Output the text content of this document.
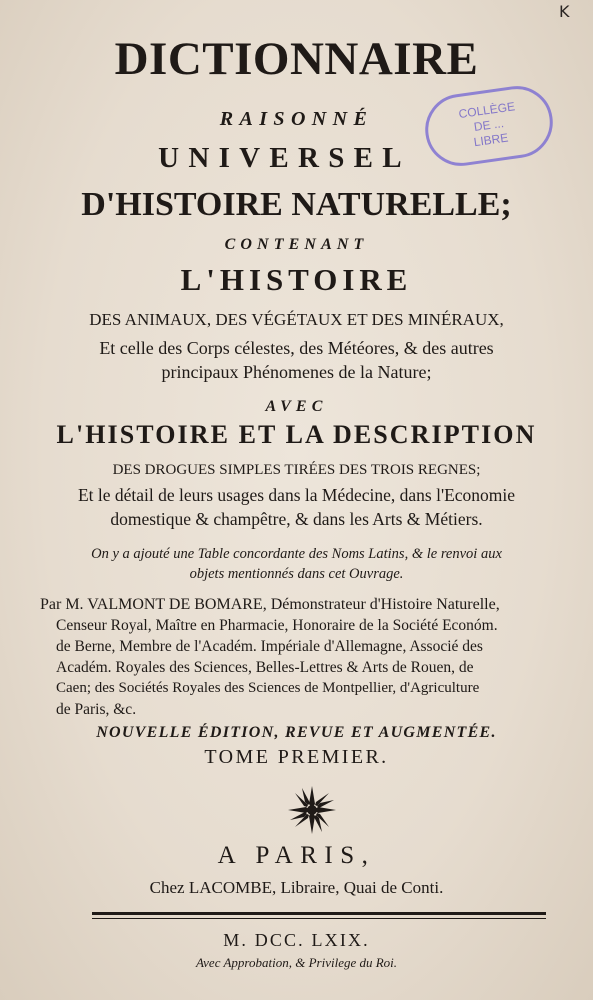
K
DICTIONNAIRE
RAISONNÉ
UNIVERSEL
D'HISTOIRE NATURELLE;
CONTENANT
L'HISTOIRE
DES ANIMAUX, DES VÉGÉTAUX ET DES MINÉRAUX,
Et celle des Corps célestes, des Météores, & des autres
principaux Phénomenes de la Nature;
AVEC
L'HISTOIRE ET LA DESCRIPTION
DES DROGUES SIMPLES TIRÉES DES TROIS REGNES;
Et le détail de leurs usages dans la Médecine, dans l'Economie
domestique & champêtre, & dans les Arts & Métiers.
On y a ajouté une Table concordante des Noms Latins, & le renvoi aux
objets mentionnés dans cet Ouvrage.
Par M. VALMONT DE BOMARE, Démonstrateur d'Histoire Naturelle,
Censeur Royal, Maître en Pharmacie, Honoraire de la Société Económ.
de Berne, Membre de l'Académ. Impériale d'Allemagne, Associé des
Académ. Royales des Sciences, Belles-Lettres & Arts de Rouen, de
Caen; des Sociétés Royales des Sciences de Montpellier, d'Agriculture
de Paris, &c.
NOUVELLE ÉDITION, REVUE ET AUGMENTÉE.
TOME PREMIER.
A PARIS,
Chez LACOMBE, Libraire, Quai de Conti.
M. DCC. LXIX.
Avec Approbation, & Privilege du Roi.
COLLÈGE
DE ...
LIBRE
